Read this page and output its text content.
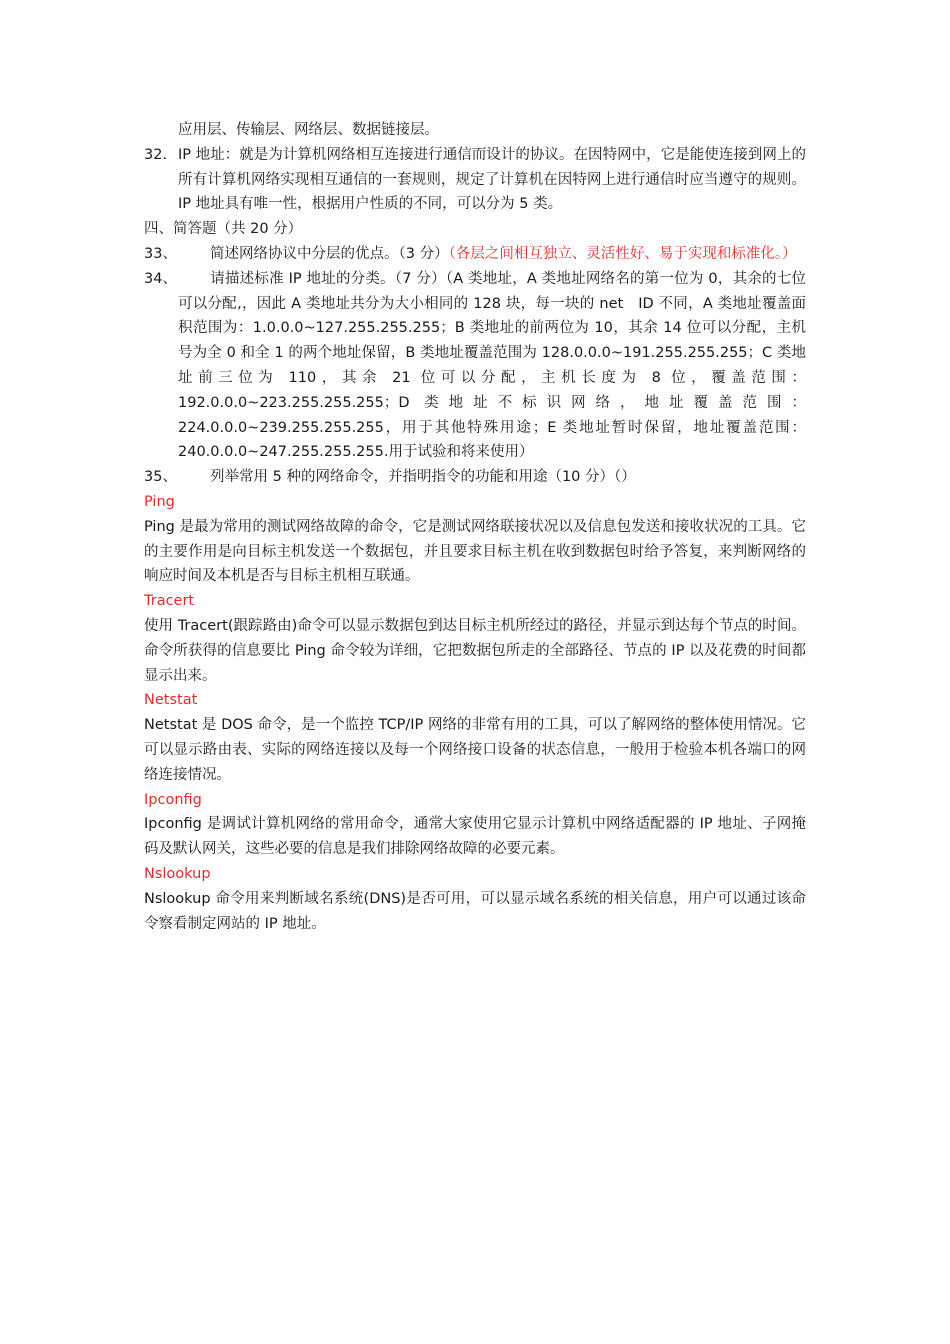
应用层、传输层、网络层、数据链接层。

32. IP 地址：就是为计算机网络相互连接进行通信而设计的协议。在因特网中，它是能使连接到网上的所有计算机网络实现相互通信的一套规则，规定了计算机在因特网上进行通信时应当遵守的规则。IP 地址具有唯一性，根据用户性质的不同，可以分为 5 类。

四、简答题（共 20 分）
33、	简述网络协议中分层的优点。（3 分）（各层之间相互独立、灵活性好、易于实现和标准化。）

34、	请描述标准 IP 地址的分类。（7 分）（A 类地址，A 类地址网络名的第一位为 0，其余的七位可以分配,，因此 A 类地址共分为大小相同的 128 块，每一块的 net　ID 不同，A 类地址覆盖面积范围为：1.0.0.0~127.255.255.255；B 类地址的前两位为 10，其余 14 位可以分配，主机号为全 0 和全 1 的两个地址保留，B 类地址覆盖范围为 128.0.0.0~191.255.255.255；C 类地址前三位为 110，其余 21 位可以分配，主机长度为 8 位，覆盖范围：192.0.0.0~223.255.255.255；D 类地址不标识网络，地址覆盖范围：224.0.0.0~239.255.255.255，用于其他特殊用途；E 类地址暂时保留，地址覆盖范围：240.0.0.0~247.255.255.255.用于试验和将来使用）

35、	列举常用 5 种的网络命令，并指明指令的功能和用途（10 分）（）

Ping

Ping 是最为常用的测试网络故障的命令，它是测试网络联接状况以及信息包发送和接收状况的工具。它的主要作用是向目标主机发送一个数据包，并且要求目标主机在收到数据包时给予答复，来判断网络的响应时间及本机是否与目标主机相互联通。

Tracert

使用 Tracert(跟踪路由)命令可以显示数据包到达目标主机所经过的路径，并显示到达每个节点的时间。命令所获得的信息要比 Ping 命令较为详细，它把数据包所走的全部路径、节点的 IP 以及花费的时间都显示出来。

Netstat

Netstat 是 DOS 命令，是一个监控 TCP/IP 网络的非常有用的工具，可以了解网络的整体使用情况。它可以显示路由表、实际的网络连接以及每一个网络接口设备的状态信息，一般用于检验本机各端口的网络连接情况。

Ipconfig

Ipconfig 是调试计算机网络的常用命令，通常大家使用它显示计算机中网络适配器的 IP 地址、子网掩码及默认网关，这些必要的信息是我们排除网络故障的必要元素。

Nslookup

Nslookup 命令用来判断域名系统(DNS)是否可用，可以显示域名系统的相关信息，用户可以通过该命令察看制定网站的 IP 地址。
